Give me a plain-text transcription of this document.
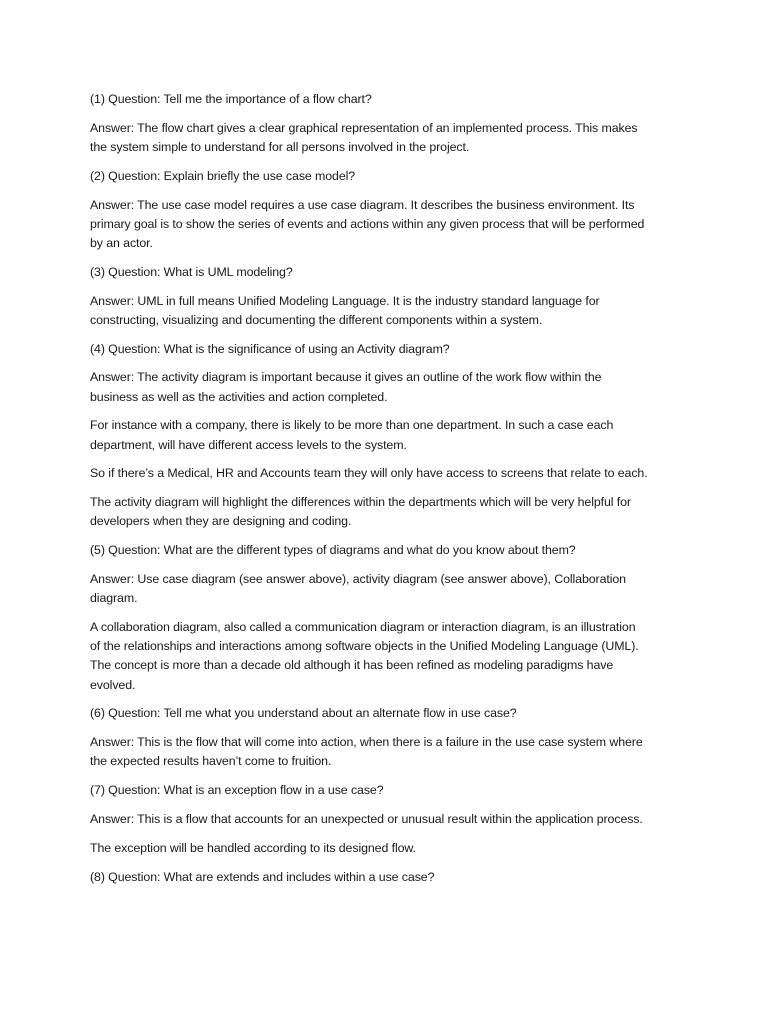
(1) Question: Tell me the importance of a flow chart?

Answer: The flow chart gives a clear graphical representation of an implemented process. This makes
the system simple to understand for all persons involved in the project.

(2) Question: Explain briefly the use case model?

Answer: The use case model requires a use case diagram. It describes the business environment. Its
primary goal is to show the series of events and actions within any given process that will be performed
by an actor.

(3) Question: What is UML modeling?

Answer: UML in full means Unified Modeling Language. It is the industry standard language for
constructing, visualizing and documenting the different components within a system.

(4) Question: What is the significance of using an Activity diagram?

Answer: The activity diagram is important because it gives an outline of the work flow within the
business as well as the activities and action completed.

For instance with a company, there is likely to be more than one department. In such a case each
department, will have different access levels to the system.

So if there’s a Medical, HR and Accounts team they will only have access to screens that relate to each.

The activity diagram will highlight the differences within the departments which will be very helpful for
developers when they are designing and coding.

(5) Question: What are the different types of diagrams and what do you know about them?

Answer: Use case diagram (see answer above), activity diagram (see answer above), Collaboration
diagram.

A collaboration diagram, also called a communication diagram or interaction diagram, is an illustration
of the relationships and interactions among software objects in the Unified Modeling Language (UML).
The concept is more than a decade old although it has been refined as modeling paradigms have
evolved.

(6) Question: Tell me what you understand about an alternate flow in use case?

Answer: This is the flow that will come into action, when there is a failure in the use case system where
the expected results haven’t come to fruition.

(7) Question: What is an exception flow in a use case?

Answer: This is a flow that accounts for an unexpected or unusual result within the application process.

The exception will be handled according to its designed flow.

(8) Question: What are extends and includes within a use case?
